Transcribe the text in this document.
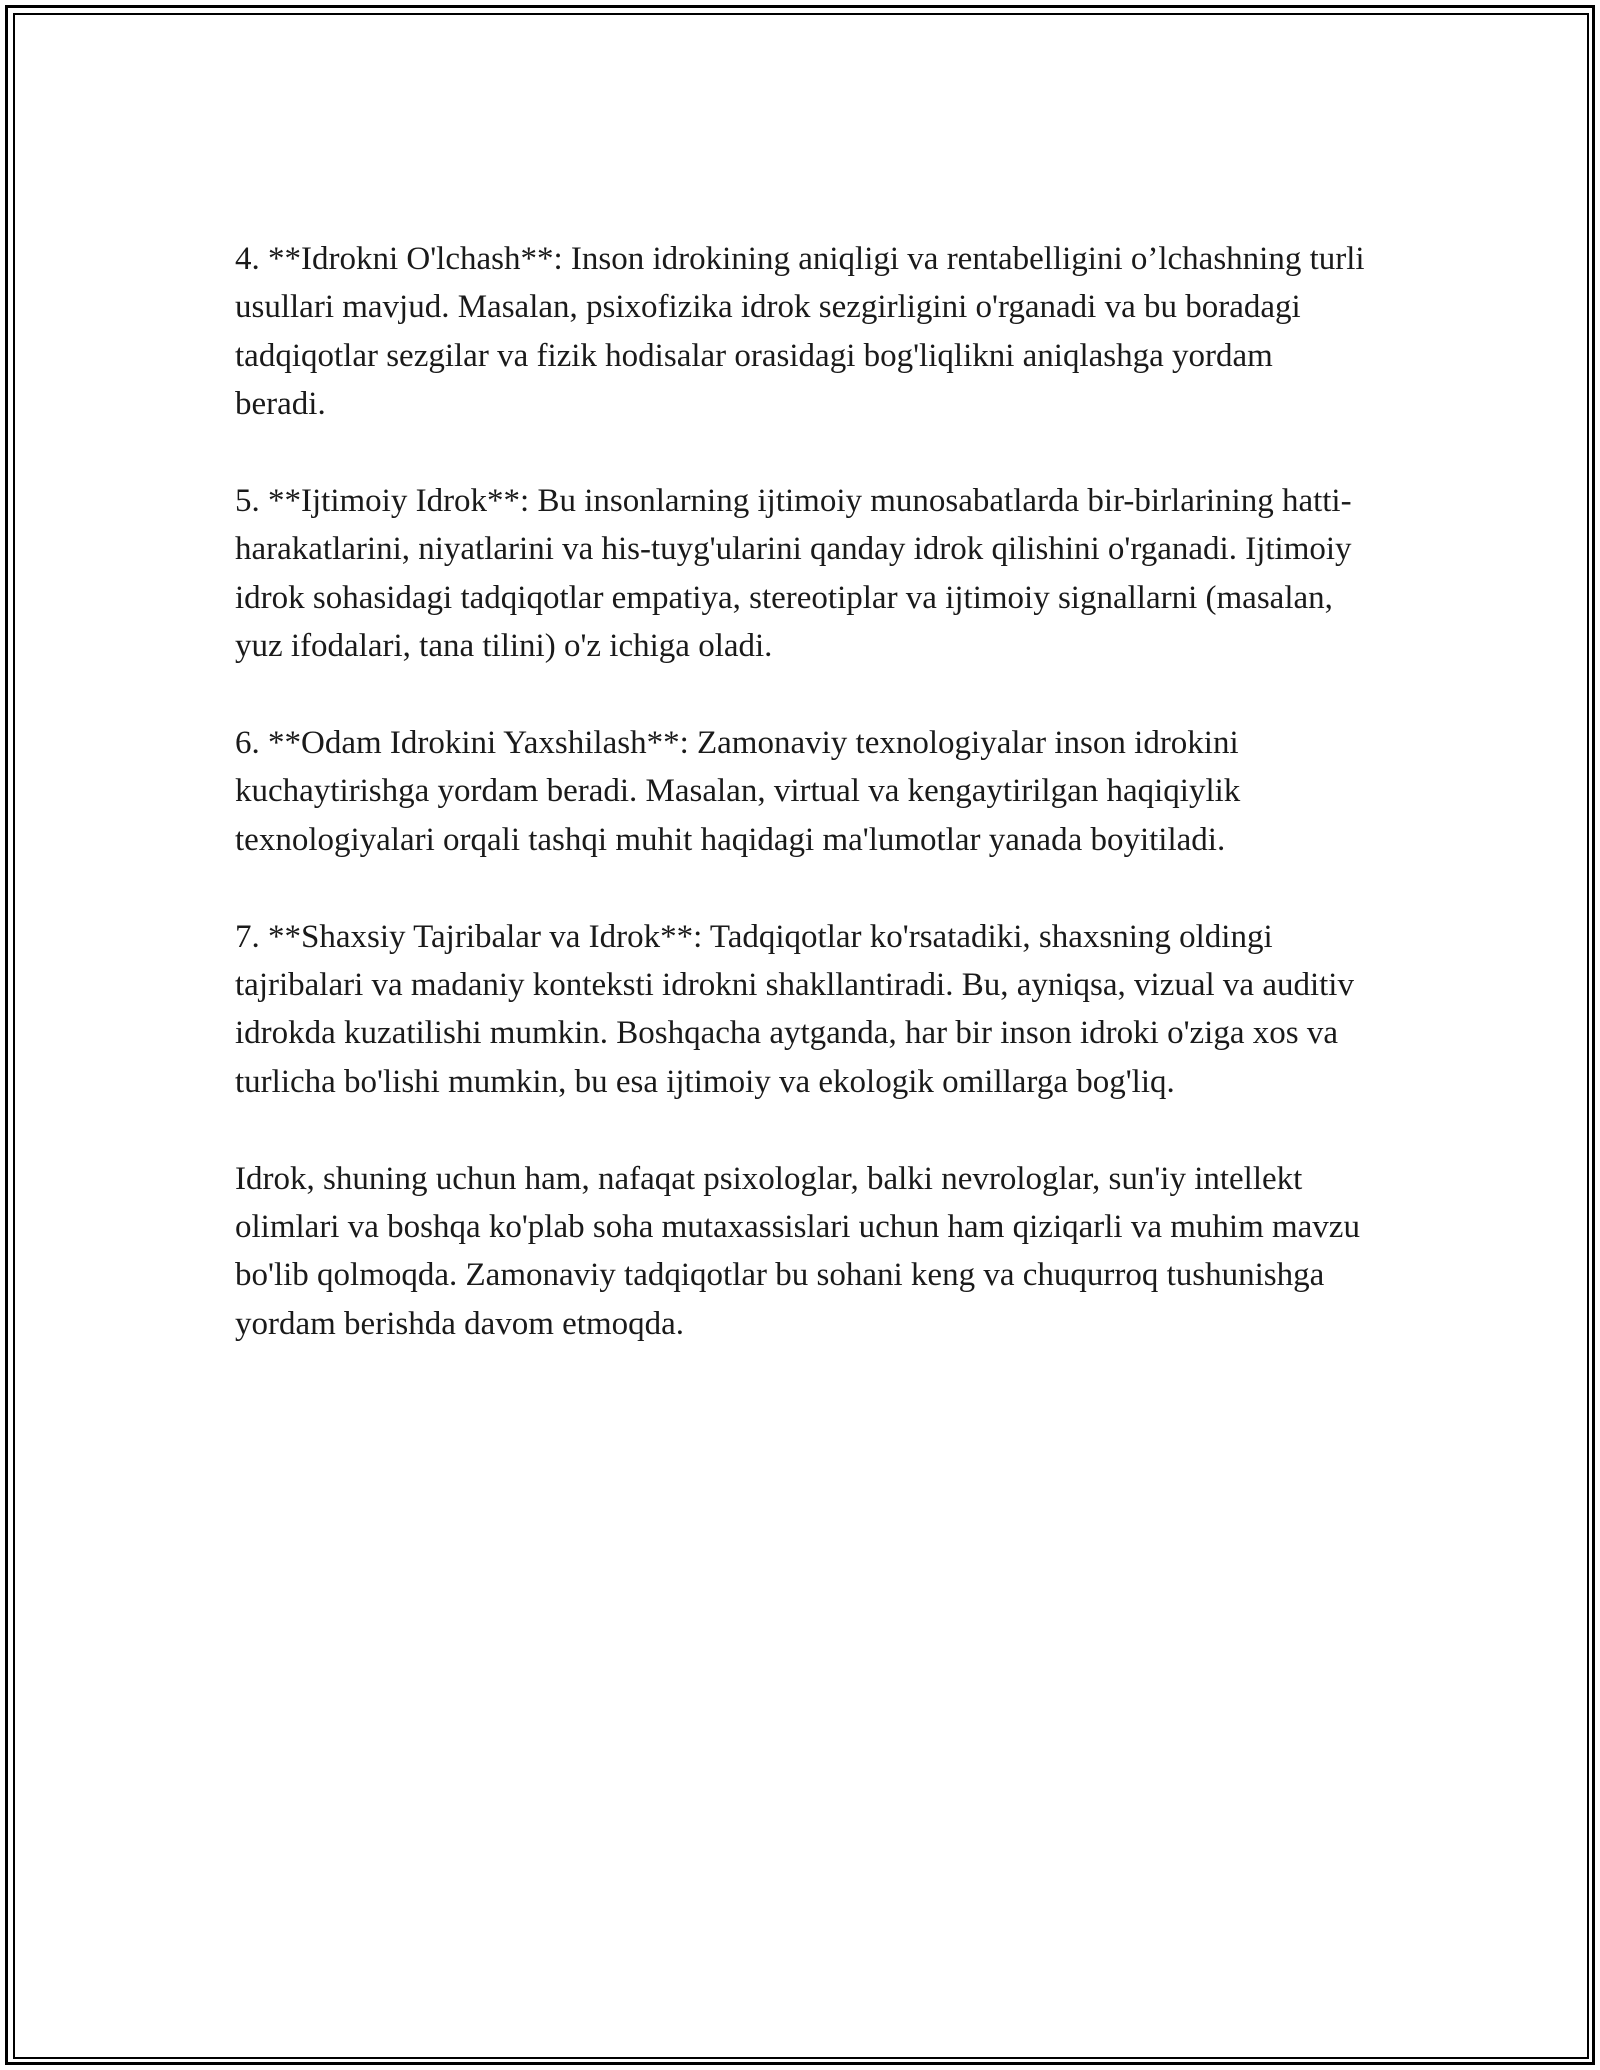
4. **Idrokni O'lchash**: Inson idrokining aniqligi va rentabelligini o’lchashning turli usullari mavjud. Masalan, psixofizika idrok sezgirligini o'rganadi va bu boradagi tadqiqotlar sezgilar va fizik hodisalar orasidagi bog'liqlikni aniqlashga yordam beradi.

5. **Ijtimoiy Idrok**: Bu insonlarning ijtimoiy munosabatlarda bir-birlarining hatti-harakatlarini, niyatlarini va his-tuyg'ularini qanday idrok qilishini o'rganadi. Ijtimoiy idrok sohasidagi tadqiqotlar empatiya, stereotiplar va ijtimoiy signallarni (masalan, yuz ifodalari, tana tilini) o'z ichiga oladi.

6. **Odam Idrokini Yaxshilash**: Zamonaviy texnologiyalar inson idrokini kuchaytirishga yordam beradi. Masalan, virtual va kengaytirilgan haqiqiylik texnologiyalari orqali tashqi muhit haqidagi ma'lumotlar yanada boyitiladi.

7. **Shaxsiy Tajribalar va Idrok**: Tadqiqotlar ko'rsatadiki, shaxsning oldingi tajribalari va madaniy konteksti idrokni shakllantiradi. Bu, ayniqsa, vizual va auditiv idrokda kuzatilishi mumkin. Boshqacha aytganda, har bir inson idroki o'ziga xos va turlicha bo'lishi mumkin, bu esa ijtimoiy va ekologik omillarga bog'liq.

Idrok, shuning uchun ham, nafaqat psixologlar, balki nevrologlar, sun'iy intellekt olimlari va boshqa ko'plab soha mutaxassislari uchun ham qiziqarli va muhim mavzu bo'lib qolmoqda. Zamonaviy tadqiqotlar bu sohani keng va chuqurroq tushunishga yordam berishda davom etmoqda.
